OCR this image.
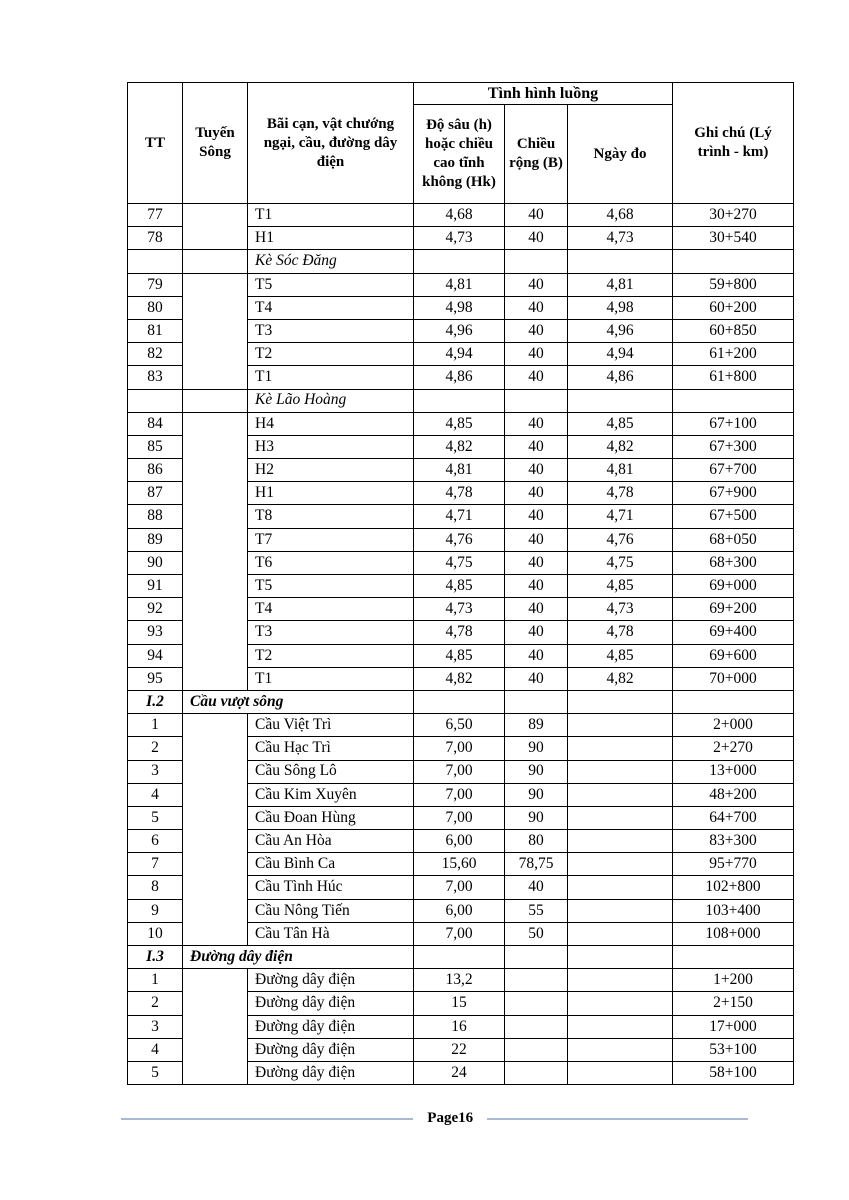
TT	Tuyến Sông	Bãi cạn, vật chướng ngại, cầu, đường dây điện	Tình hình luồng			Ghi chú (Lý trình - km)
			Độ sâu (h) hoặc chiều cao tĩnh không (Hk)	Chiều rộng (B)	Ngày đo	
77		T1	4,68	40	4,68	30+270
78		H1	4,73	40	4,73	30+540
		Kè Sóc Đăng				
79		T5	4,81	40	4,81	59+800
80		T4	4,98	40	4,98	60+200
81		T3	4,96	40	4,96	60+850
82		T2	4,94	40	4,94	61+200
83		T1	4,86	40	4,86	61+800
		Kè Lão Hoàng				
84		H4	4,85	40	4,85	67+100
85		H3	4,82	40	4,82	67+300
86		H2	4,81	40	4,81	67+700
87		H1	4,78	40	4,78	67+900
88		T8	4,71	40	4,71	67+500
89		T7	4,76	40	4,76	68+050
90		T6	4,75	40	4,75	68+300
91		T5	4,85	40	4,85	69+000
92		T4	4,73	40	4,73	69+200
93		T3	4,78	40	4,78	69+400
94		T2	4,85	40	4,85	69+600
95		T1	4,82	40	4,82	70+000
I.2	Cầu vượt sông					
1		Cầu Việt Trì	6,50	89		2+000
2		Cầu Hạc Trì	7,00	90		2+270
3		Cầu Sông Lô	7,00	90		13+000
4		Cầu Kim Xuyên	7,00	90		48+200
5		Cầu Đoan Hùng	7,00	90		64+700
6		Cầu An Hòa	6,00	80		83+300
7		Cầu Bình Ca	15,60	78,75		95+770
8		Cầu Tình Húc	7,00	40		102+800
9		Cầu Nông Tiến	6,00	55		103+400
10		Cầu Tân Hà	7,00	50		108+000
I.3	Đường dây điện					
1		Đường dây điện	13,2			1+200
2		Đường dây điện	15			2+150
3		Đường dây điện	16			17+000
4		Đường dây điện	22			53+100
5		Đường dây điện	24			58+100
Page16
